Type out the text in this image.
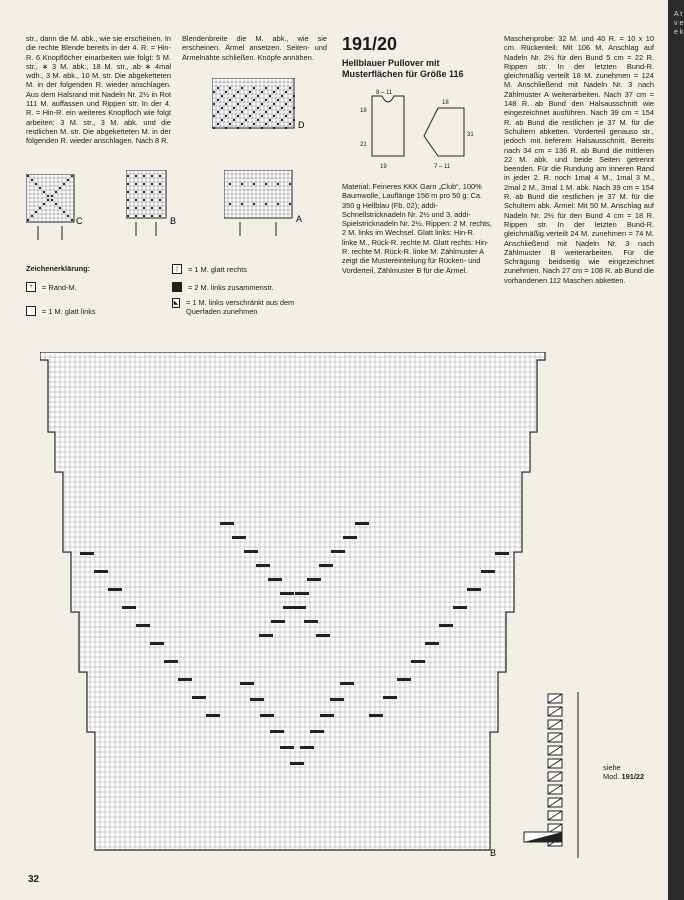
str., dann die M. abk., wie sie erscheinen. In die rechte Blende bereits in der 4. R. = Hin-R. 6 Knopflöcher einarbeiten wie folgt: 5 M. str., ∗ 3 M. abk., 18 M. str., ab ∗ 4mal wdh., 3 M. abk., 10 M. str. Die abgeketteten M. in der folgenden R. wieder anschlagen. Aus dem Halsrand mit Nadeln Nr. 2½ in Rot 111 M. auffassen und Rippen str. In der 4. R. = Hin-R. ein weiteres Knopfloch wie folgt arbeiten: 3 M. str., 3 M. abk. und die restlichen M. str. Die abgeketteten M. in der folgenden R. wieder anschlagen. Nach 8 R.
Blendenbreite die M. abk., wie sie erscheinen. Ärmel ansetzen. Seiten- und Ärmelnähte schließen. Knöpfe annähen.
D
C	B	A
191/20
Hellblauer Pullover mit Musterflächen für Größe 116
8 – 11
18
21
19
18
31
7 – 11
Material: Feineres KKK Garn „Club“, 100% Baumwolle, Lauflänge 156 m pro 50 g: Ca. 350 g Hellblau (Fb. 02); addi-Schnellstricknadeln Nr. 2½ und 3, addi-Spielstricknadeln Nr. 2½. Rippen: 2 M. rechts, 2 M. links im Wechsel. Glatt links: Hin-R. linke M., Rück-R. rechte M. Glatt rechts: Hin-R. rechte M. Rück-R. linke M. Zählmuster A zeigt die Mustereinteilung für Rücken- und Vorderteil, Zählmuster B für die Ärmel.
Maschenprobe: 32 M. und 40 R. = 10 x 10 cm. Rückenteil: Mit 106 M. Anschlag auf Nadeln Nr. 2½ für den Bund 5 cm = 22 R. Rippen str. In der letzten Bund-R. gleichmäßig verteilt 18 M. zunehmen = 124 M. Anschließend mit Nadeln Nr. 3 nach Zählmuster A weiterarbeiten. Nach 37 cm = 148 R. ab Bund den Halsausschnitt wie eingezeichnet ausführen. Nach 39 cm = 154 R. ab Bund die restlichen je 37 M. für die Schultern abketten. Vorderteil genauso str., jedoch mit tieferem Halsausschnitt. Bereits nach 34 cm = 136 R. ab Bund die mittleren 22 M. abk. und beide Seiten getrennt beenden. Für die Rundung am inneren Rand in jeder 2. R. noch 1mal 4 M., 1mal 3 M., 2mal 2 M., 3mal 1 M. abk. Nach 39 cm = 154 R. ab Bund die restlichen je 37 M. für die Schultern abk. Ärmel: Mit 50 M. Anschlag auf Nadeln Nr. 2½ für den Bund 4 cm = 18 R. Rippen str. In der letzten Bund-R. gleichmäßig verteilt 24 M. zunehmen = 74 M. Anschließend mit Nadeln Nr. 3 nach Zählmuster B weiterarbeiten. Für die Schrägung beidseitig wie eingezeichnet zunehmen. Nach 27 cm = 108 R. ab Bund die vorhandenen 112 Maschen abketten.
Zeichenerklärung:
+	= Rand-M.
= 1 M. glatt links
|	= 1 M. glatt rechts
= 2 M. links zusammenstr.
◣ = 1 M. links verschränkt aus dem Querfaden zunehmen
B
siehe
Mod. 191/22
32
A t v e e k
